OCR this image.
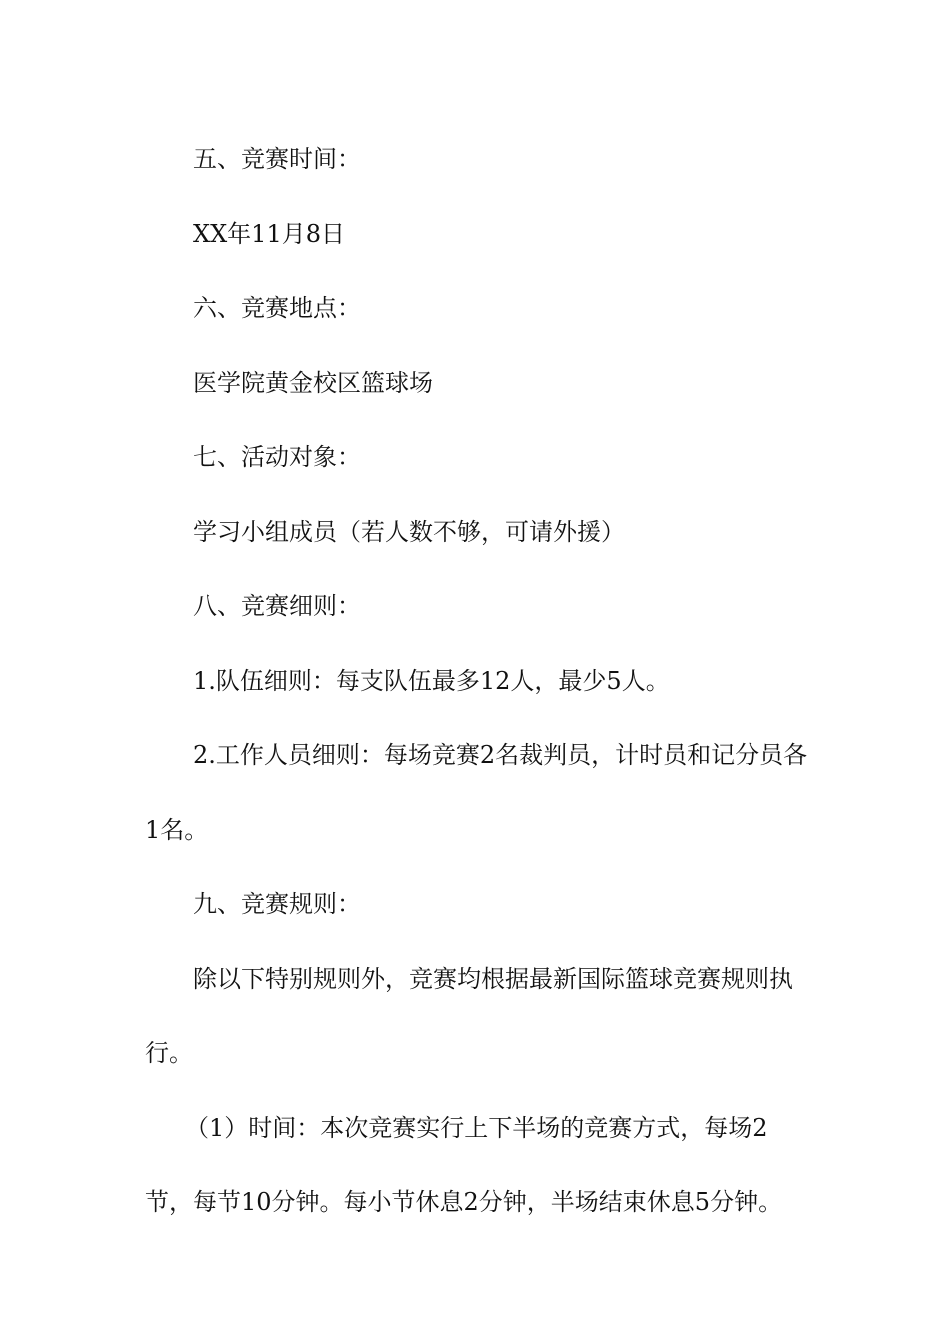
五、竞赛时间：

XX年11月8日

六、竞赛地点：

医学院黄金校区篮球场

七、活动对象：

学习小组成员（若人数不够，可请外援）

八、竞赛细则：

1.队伍细则：每支队伍最多12人，最少5人。

2.工作人员细则：每场竞赛2名裁判员，计时员和记分员各1名。

九、竞赛规则：

除以下特别规则外，竞赛均根据最新国际篮球竞赛规则执行。

（1）时间：本次竞赛实行上下半场的竞赛方式，每场2节，每节10分钟。每小节休息2分钟，半场结束休息5分钟。
